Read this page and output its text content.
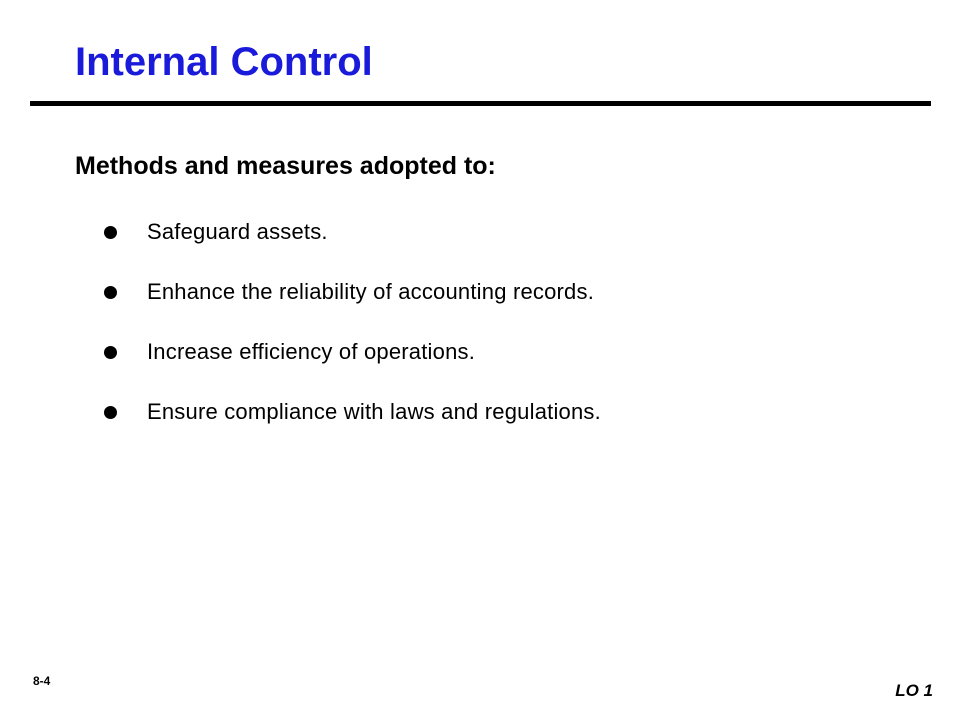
Internal Control
Methods and measures adopted to:
Safeguard assets.
Enhance the reliability of accounting records.
Increase efficiency of operations.
Ensure compliance with laws and regulations.
8-4	LO 1
